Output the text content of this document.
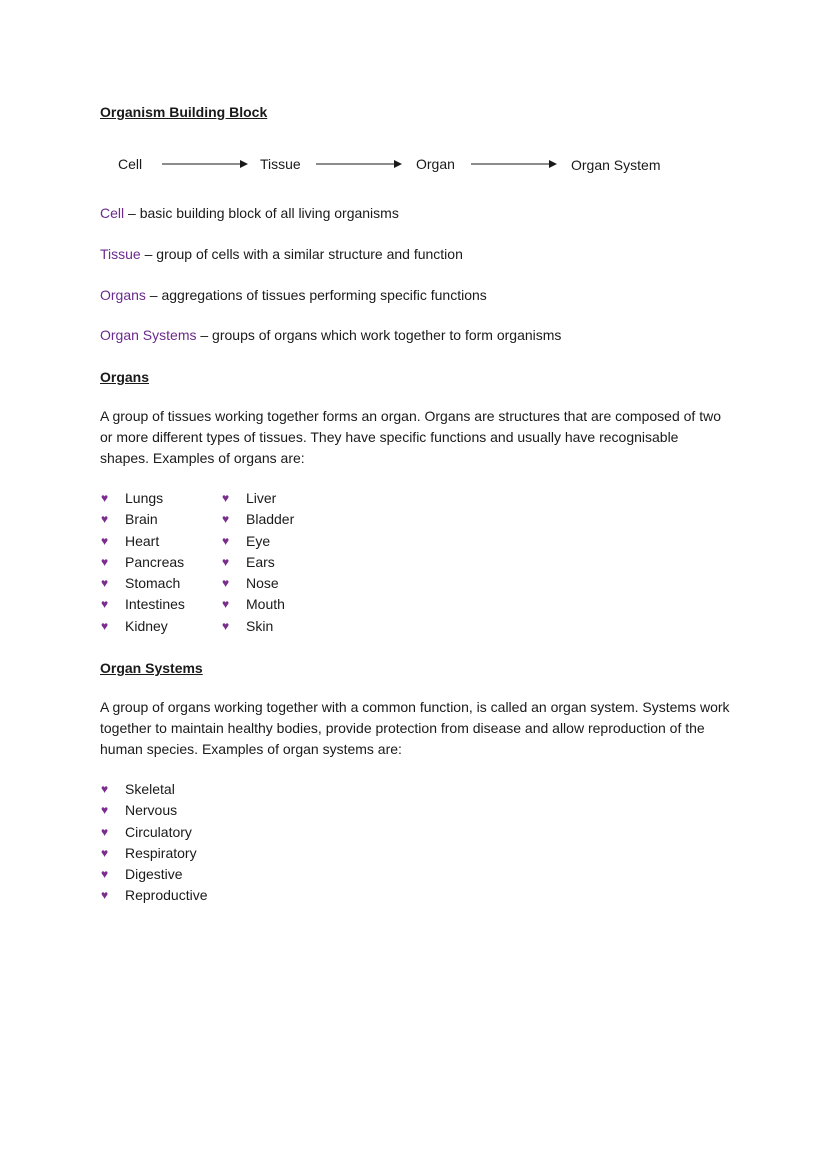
Organism Building Block
Cell	Tissue	Organ	Organ System

Cell – basic building block of all living organisms

Tissue – group of cells with a similar structure and function

Organs – aggregations of tissues performing specific functions

Organ Systems – groups of organs which work together to form organisms

Organs

A group of tissues working together forms an organ. Organs are structures that are composed of two or more different types of tissues. They have specific functions and usually have recognisable shapes. Examples of organs are:

♥	Lungs
♥	Brain
♥	Heart
♥	Pancreas
♥	Stomach
♥	Intestines
♥	Kidney
♥	Liver
♥	Bladder
♥	Eye
♥	Ears
♥	Nose
♥	Mouth
♥	Skin
Organ Systems

A group of organs working together with a common function, is called an organ system. Systems work together to maintain healthy bodies, provide protection from disease and allow reproduction of the human species. Examples of organ systems are:

♥	Skeletal
♥	Nervous
♥	Circulatory
♥	Respiratory
♥	Digestive
♥	Reproductive
